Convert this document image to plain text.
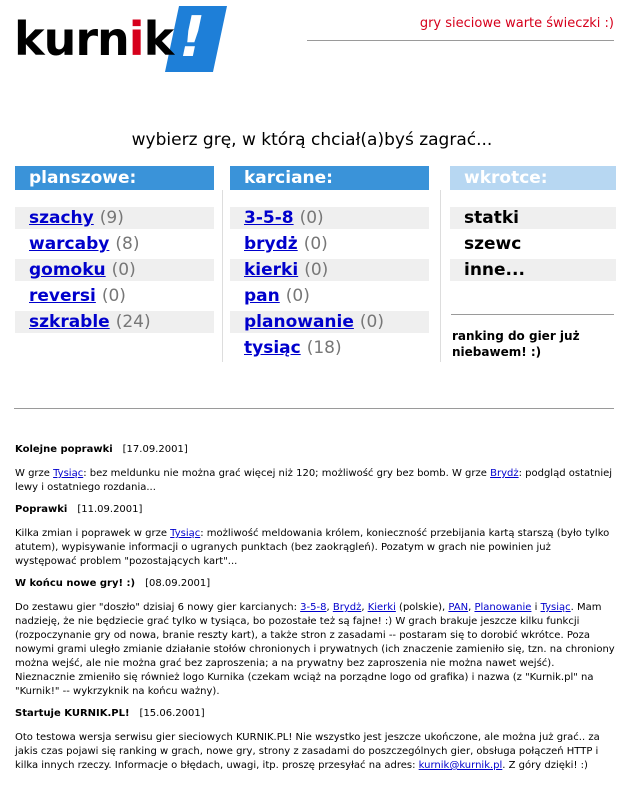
!
kurnik	gry sieciowe warte świeczki :)
wybierz grę, w którą chciał(a)byś zagrać...
planszowe:
szachy (9)
warcaby (8)
gomoku (0)
reversi (0)
szkrable (24)
karciane:
3-5-8 (0)
brydż (0)
kierki (0)
pan (0)
planowanie (0)
tysiąc (18)
wkrotce:
statki
szewc
inne...
ranking do gier już niebawem! :)
Kolejne poprawki [17.09.2001]
W grze Tysiąc: bez meldunku nie można grać więcej niż 120; możliwość gry bez bomb. W grze Brydż: podgląd ostatniej lewy i ostatniego rozdania...
Poprawki [11.09.2001]
Kilka zmian i poprawek w grze Tysiąc: możliwość meldowania królem, konieczność przebijania kartą starszą (było tylko atutem), wypisywanie informacji o ugranych punktach (bez zaokrągleń). Pozatym w grach nie powinien już występować problem "pozostających kart"...
W końcu nowe gry! :) [08.09.2001]
Do zestawu gier "doszło" dzisiaj 6 nowy gier karcianych: 3-5-8, Brydż, Kierki (polskie), PAN, Planowanie i Tysiąc. Mam nadzieję, że nie będziecie grać tylko w tysiąca, bo pozostałe też są fajne! :) W grach brakuje jeszcze kilku funkcji (rozpoczynanie gry od nowa, branie reszty kart), a także stron z zasadami -- postaram się to dorobić wkrótce. Poza nowymi grami uległo zmianie działanie stołów chronionych i prywatnych (ich znaczenie zamieniło się, tzn. na chroniony można wejść, ale nie można grać bez zaproszenia; a na prywatny bez zaproszenia nie można nawet wejść). Nieznacznie zmieniło się również logo Kurnika (czekam wciąż na porządne logo od grafika) i nazwa (z "Kurnik.pl" na "Kurnik!" -- wykrzyknik na końcu ważny).
Startuje KURNIK.PL! [15.06.2001]
Oto testowa wersja serwisu gier sieciowych KURNIK.PL! Nie wszystko jest jeszcze ukończone, ale można już grać.. za jakis czas pojawi się ranking w grach, nowe gry, strony z zasadami do poszczególnych gier, obsługa połączeń HTTP i kilka innych rzeczy. Informacje o błędach, uwagi, itp. proszę przesyłać na adres: kurnik@kurnik.pl. Z góry dzięki! :)
